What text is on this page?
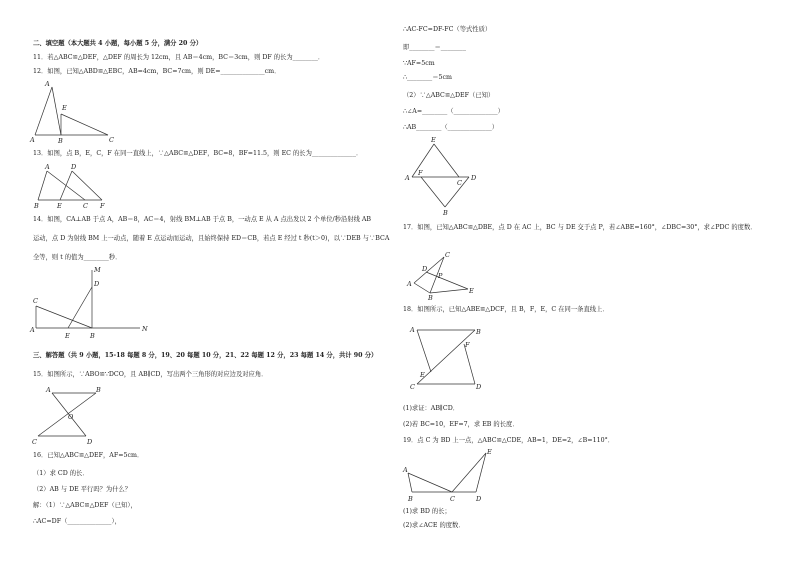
二、填空题（本大题共 4 小题，每小题 5 分，满分 20 分）
11．若△ABC≌△DEF，△DEF 的周长为 12cm，且 AB＝4cm，BC＝3cm，则 DF 的长为________．
12．如图，已知△ABD≌△EBC，AB=4cm，BC=7cm，则 DE=______________cm．
A
A	B	C
E
13．如图，点 B，E，C，F 在同一直线上，∵△ABC≌△DEF，BC=8，BF=11.5，则 EC 的长为______________．
A	D
B	E	C F
14．如图，CA⊥AB 于点 A，AB＝8，AC＝4，射线 BM⊥AB 于点 B，一动点 E 从 A 点出发以 2 个单位/秒沿射线 AB
运动，点 D 为射线 BM 上一动点，随着 E 点运动而运动，且始终保持 ED＝CB，若点 E 经过 t 秒(t＞0)，以∵DEB 与∵BCA
全等，则 t 的值为________秒．
M
D
C
A
E	B
N
三、解答题（共 9 小题，15-18 每题 8 分，19、20 每题 10 分，21、22 每题 12 分，23 每题 14 分，共计 90 分）
15．如图所示，∵ABO≌∵DCO，且 AB∥CD，写出两个三角形的对应边及对应角．
A	B
O
C	D
16．已知△ABC≌△DEF，AF=5cm．
（1）求 CD 的长．
（2）AB 与 DE 平行吗？为什么？
解：（1）∵△ABC≌△DEF（已知），
∴AC=DF（______________），
∴AC-FC=DF-FC（等式性质）
即________＝________
∵AF=5cm
∴________＝5cm
（2）∵△ABC≌△DEF（已知）
∴∠A=________（______________）
∴AB________（______________）
E
A
F
C
D
B
17．如图，已知△ABC≌△DBE，点 D 在 AC 上，BC 与 DE 交于点 P，若∠ABE=160°，∠DBC=30°，求∠PDC 的度数．
C
D
P
A
B
E
18．如图所示，已知△ABE≌△DCF，且 B，F，E，C 在同一条直线上．
A	B
F
E
C	D
(1)求证：AB∥CD．
(2)若 BC=10，EF=7，求 EB 的长度．
19．点 C 为 BD 上一点，△ABC≌△CDE，AB=1，DE=2，∠B=110°．
E
A
B	C	D
(1)求 BD 的长；
(2)求∠ACE 的度数．
